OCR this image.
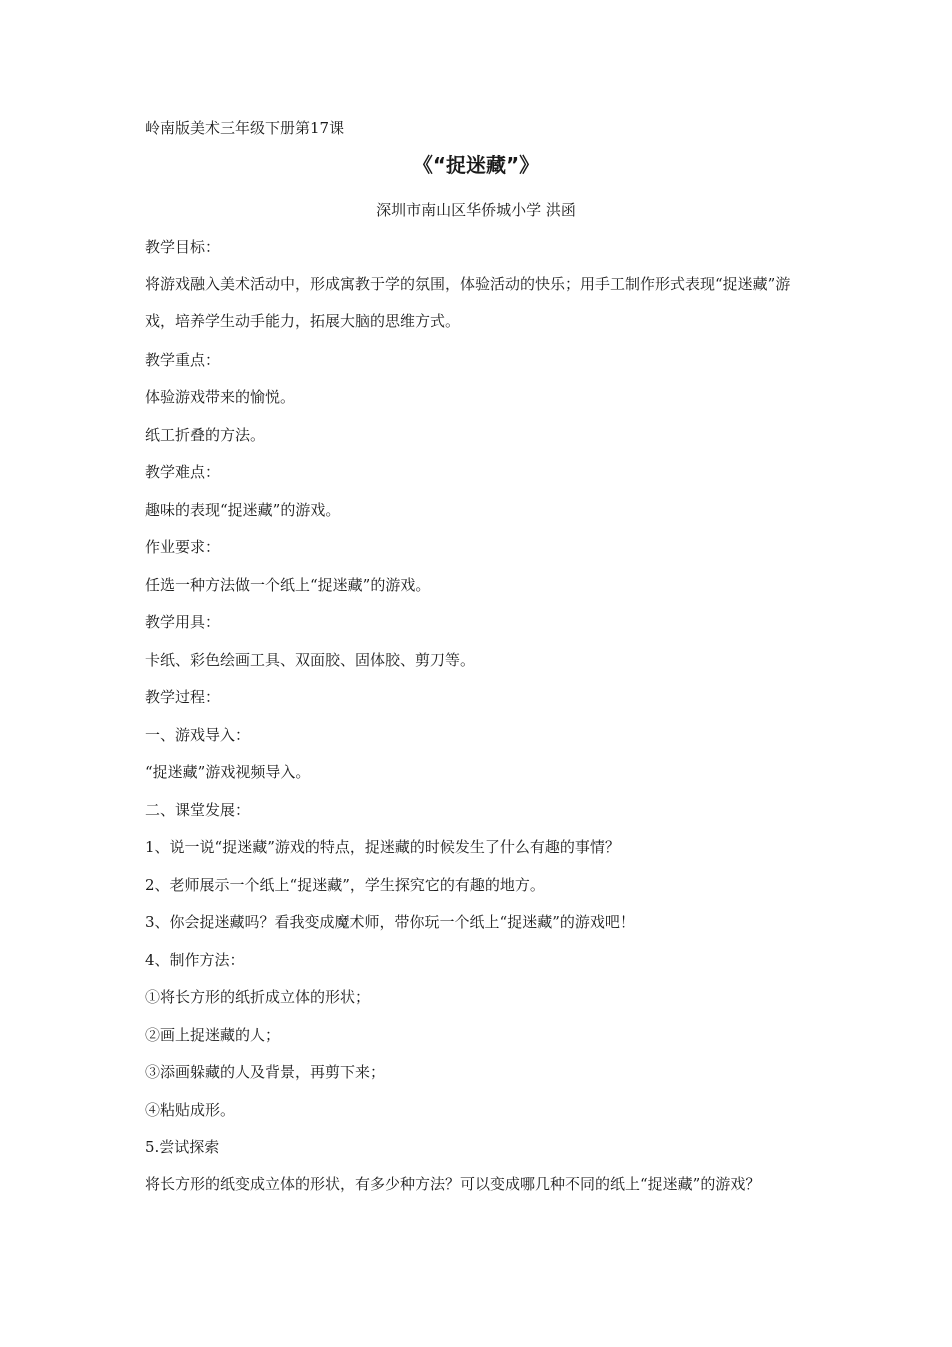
岭南版美术三年级下册第17课
《“捉迷藏”》
深圳市南山区华侨城小学 洪函
教学目标：
将游戏融入美术活动中，形成寓教于学的氛围，体验活动的快乐；用手工制作形式表现“捉迷藏”游戏，培养学生动手能力，拓展大脑的思维方式。
教学重点：
体验游戏带来的愉悦。
纸工折叠的方法。
教学难点：
趣味的表现“捉迷藏”的游戏。
作业要求：
任选一种方法做一个纸上“捉迷藏”的游戏。
教学用具：
卡纸、彩色绘画工具、双面胶、固体胶、剪刀等。
教学过程：
一、游戏导入：
“捉迷藏”游戏视频导入。
二、课堂发展：
1、说一说“捉迷藏”游戏的特点，捉迷藏的时候发生了什么有趣的事情？
2、老师展示一个纸上“捉迷藏”，学生探究它的有趣的地方。
3、你会捉迷藏吗？看我变成魔术师，带你玩一个纸上“捉迷藏”的游戏吧！
4、制作方法：
①将长方形的纸折成立体的形状；
②画上捉迷藏的人；
③添画躲藏的人及背景，再剪下来；
④粘贴成形。
5.尝试探索
将长方形的纸变成立体的形状，有多少种方法？可以变成哪几种不同的纸上“捉迷藏”的游戏？
